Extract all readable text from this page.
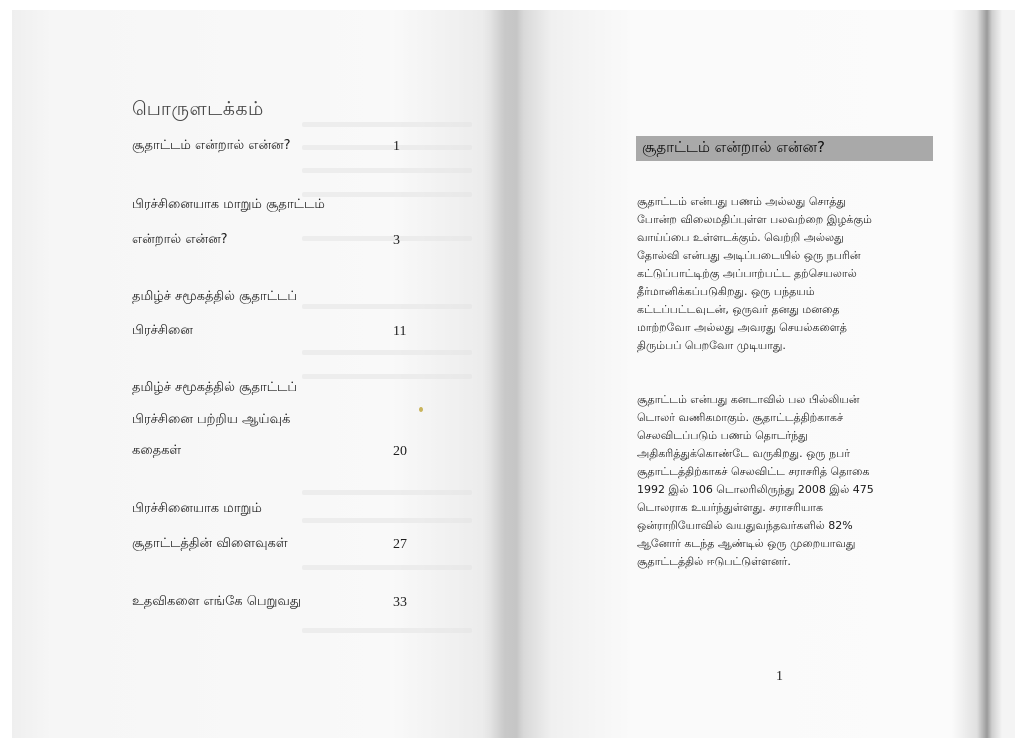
பொருளடக்கம்
சூதாட்டம் என்றால் என்ன?	1
பிரச்சினையாக மாறும் சூதாட்டம்
என்றால் என்ன?	3
தமிழ்ச் சமூகத்தில் சூதாட்டப்
பிரச்சினை	11
தமிழ்ச் சமூகத்தில் சூதாட்டப்
பிரச்சினை பற்றிய ஆய்வுக்
கதைகள்	20
பிரச்சினையாக மாறும்
சூதாட்டத்தின் விளைவுகள்	27
உதவிகளை எங்கே பெறுவது	33
சூதாட்டம் என்றால் என்ன?

சூதாட்டம் என்பது பணம் அல்லது சொத்து
போன்ற விலைமதிப்புள்ள பலவற்றை இழக்கும்
வாய்ப்பை உள்ளடக்கும். வெற்றி அல்லது
தோல்வி என்பது அடிப்படையில் ஒரு நபரின்
கட்டுப்பாட்டிற்கு அப்பாற்பட்ட தற்செயலால்
தீர்மானிக்கப்படுகிறது. ஒரு பந்தயம்
கட்டப்பட்டவுடன், ஒருவர் தனது மனதை
மாற்றவோ அல்லது அவரது செயல்களைத்
திரும்பப் பெறவோ முடியாது.

சூதாட்டம் என்பது கனடாவில் பல பில்லியன்
டொலர் வணிகமாகும். சூதாட்டத்திற்காகச்
செலவிடப்படும் பணம் தொடர்ந்து
அதிகரித்துக்கொண்டே வருகிறது. ஒரு நபர்
சூதாட்டத்திற்காகச் செலவிட்ட சராசரித் தொகை
1992 இல் 106 டொலரிலிருந்து 2008 இல் 475
டொலராக உயர்ந்துள்ளது. சராசரியாக
ஒன்ராறியோவில் வயதுவந்தவர்களில் 82%
ஆனோர் கடந்த ஆண்டில் ஒரு முறையாவது
சூதாட்டத்தில் ஈடுபட்டுள்ளனர்.

1
